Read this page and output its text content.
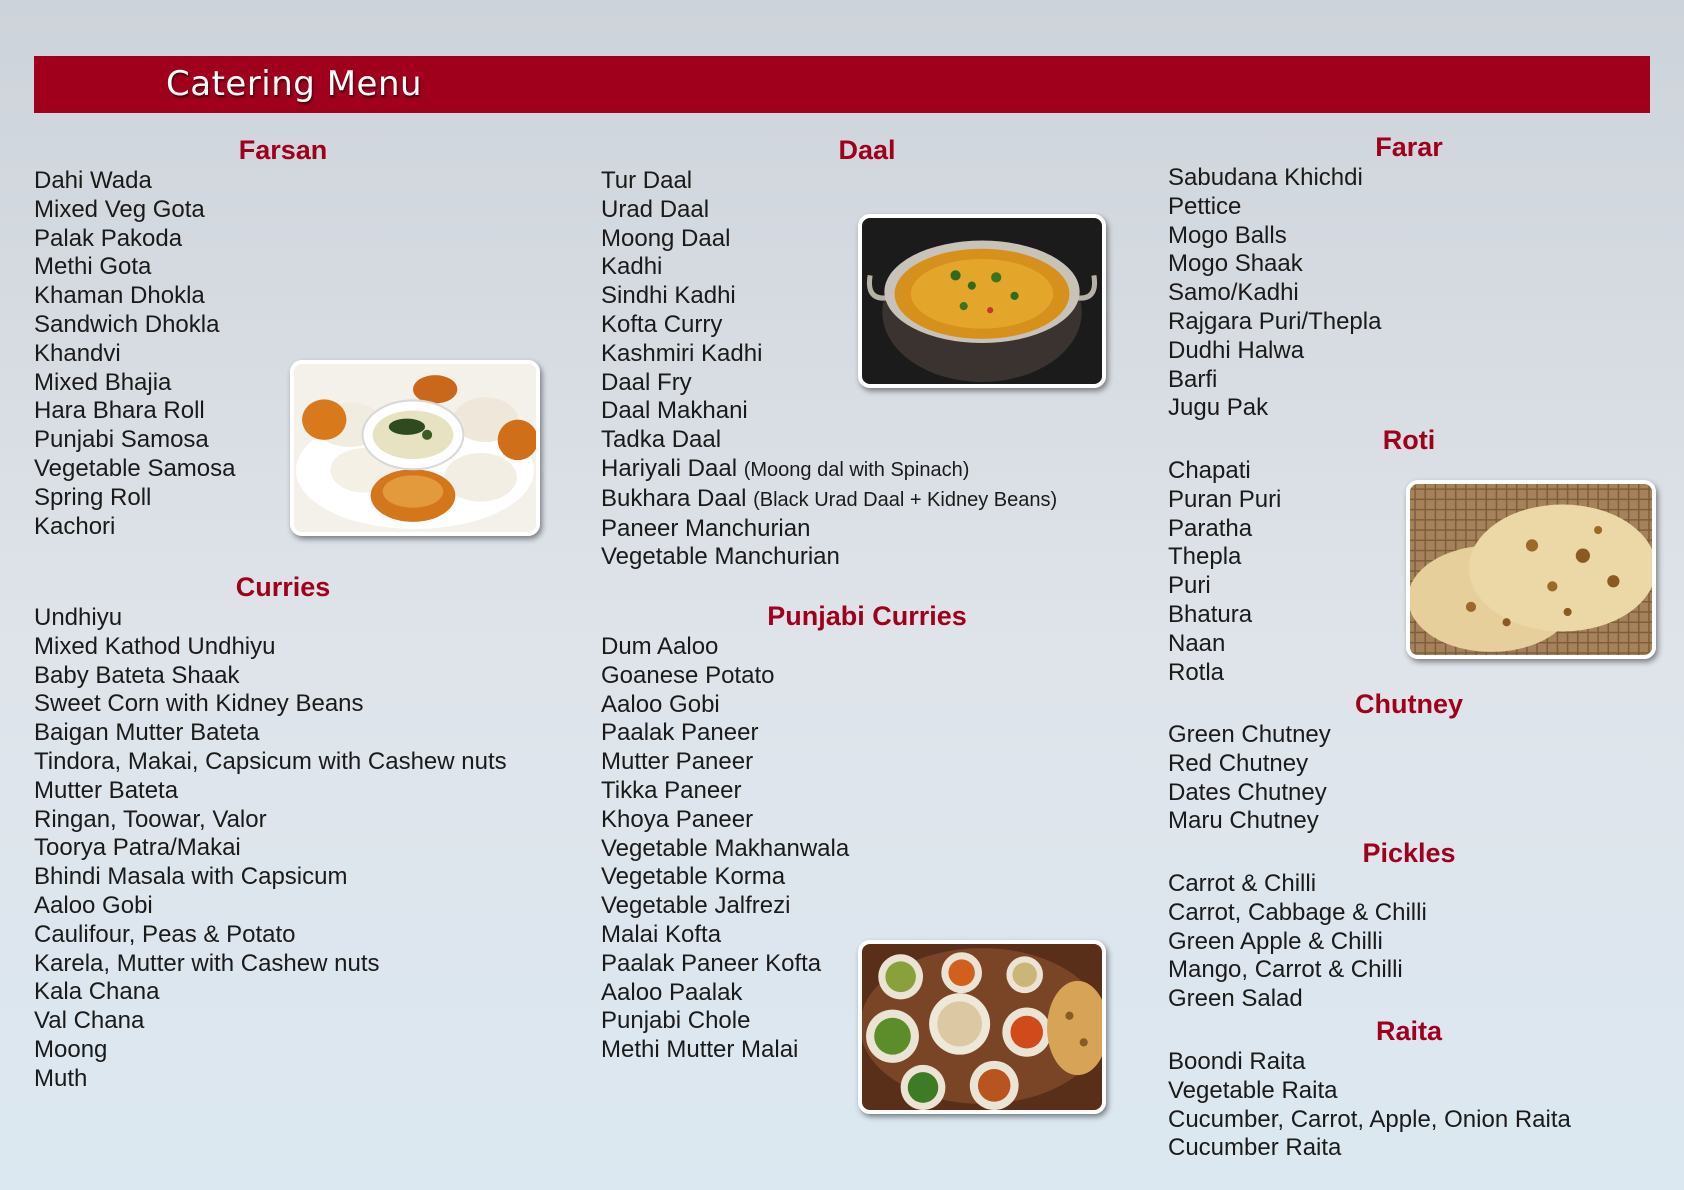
Catering Menu
Farsan
Dahi Wada
Mixed Veg Gota
Palak Pakoda
Methi Gota
Khaman Dhokla
Sandwich Dhokla
Khandvi
Mixed Bhajia
Hara Bhara Roll
Punjabi Samosa
Vegetable Samosa
Spring Roll
Kachori
Curries
Undhiyu
Mixed Kathod Undhiyu
Baby Bateta Shaak
Sweet Corn with Kidney Beans
Baigan Mutter Bateta
Tindora, Makai, Capsicum with Cashew nuts
Mutter Bateta
Ringan, Toowar, Valor
Toorya Patra/Makai
Bhindi Masala with Capsicum
Aaloo Gobi
Caulifour, Peas & Potato
Karela, Mutter with Cashew nuts
Kala Chana
Val Chana
Moong
Muth
Daal
Tur Daal
Urad Daal
Moong Daal
Kadhi
Sindhi Kadhi
Kofta Curry
Kashmiri Kadhi
Daal Fry
Daal Makhani
Tadka Daal
Hariyali Daal (Moong dal with Spinach)
Bukhara Daal (Black Urad Daal + Kidney Beans)
Paneer Manchurian
Vegetable Manchurian
Punjabi Curries
Dum Aaloo
Goanese Potato
Aaloo Gobi
Paalak Paneer
Mutter Paneer
Tikka Paneer
Khoya Paneer
Vegetable Makhanwala
Vegetable Korma
Vegetable Jalfrezi
Malai Kofta
Paalak Paneer Kofta
Aaloo Paalak
Punjabi Chole
Methi Mutter Malai
Farar
Sabudana Khichdi
Pettice
Mogo Balls
Mogo Shaak
Samo/Kadhi
Rajgara Puri/Thepla
Dudhi Halwa
Barfi
Jugu Pak
Roti
Chapati
Puran Puri
Paratha
Thepla
Puri
Bhatura
Naan
Rotla
Chutney
Green Chutney
Red Chutney
Dates Chutney
Maru Chutney
Pickles
Carrot & Chilli
Carrot, Cabbage & Chilli
Green Apple & Chilli
Mango, Carrot & Chilli
Green Salad
Raita
Boondi Raita
Vegetable Raita
Cucumber, Carrot, Apple, Onion Raita
Cucumber Raita
